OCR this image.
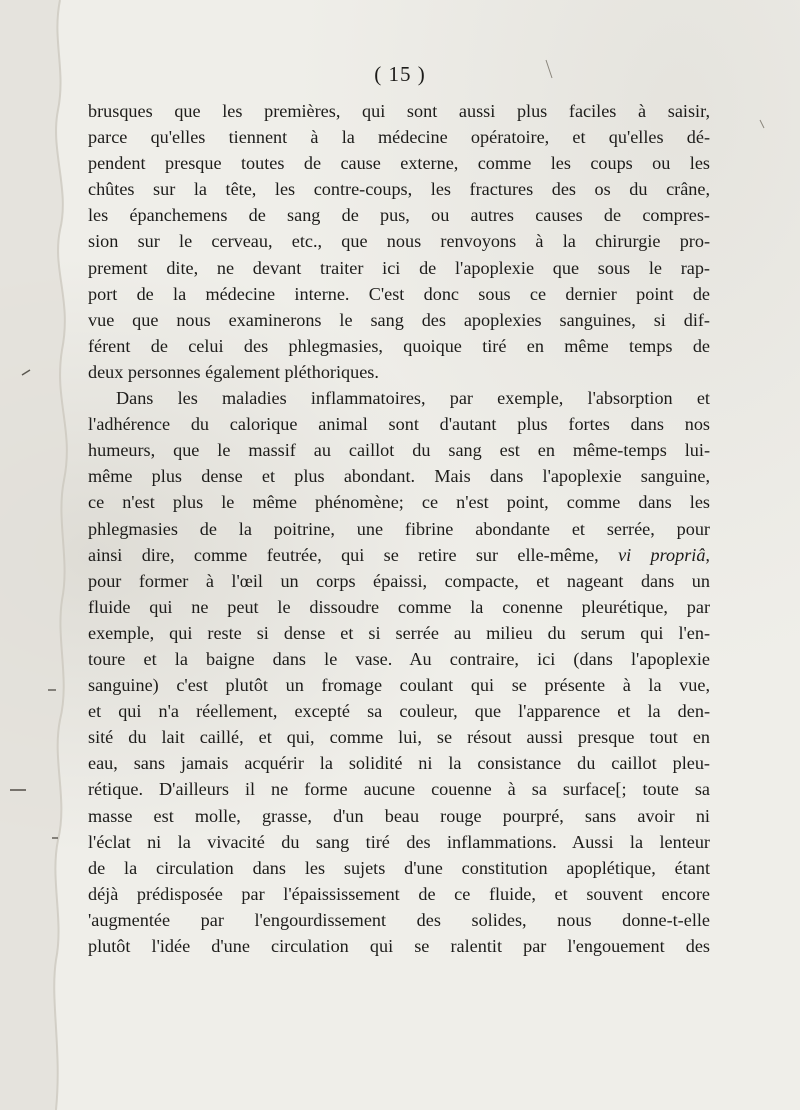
( 15 )
brusques que les premières, qui sont aussi plus faciles à saisir,
parce qu'elles tiennent à la médecine opératoire, et qu'elles dé-
pendent presque toutes de cause externe, comme les coups ou les
chûtes sur la tête, les contre-coups, les fractures des os du crâne,
les épanchemens de sang de pus, ou autres causes de compres-
sion sur le cerveau, etc., que nous renvoyons à la chirurgie pro-
prement dite, ne devant traiter ici de l'apoplexie que sous le rap-
port de la médecine interne. C'est donc sous ce dernier point de
vue que nous examinerons le sang des apoplexies sanguines, si dif-
férent de celui des phlegmasies, quoique tiré en même temps de
deux personnes également pléthoriques.
Dans les maladies inflammatoires, par exemple, l'absorption et
l'adhérence du calorique animal sont d'autant plus fortes dans nos
humeurs, que le massif au caillot du sang est en même-temps lui-
même plus dense et plus abondant. Mais dans l'apoplexie sanguine,
ce n'est plus le même phénomène; ce n'est point, comme dans les
phlegmasies de la poitrine, une fibrine abondante et serrée, pour
ainsi dire, comme feutrée, qui se retire sur elle-même, vi propriâ,
pour former à l'œil un corps épaissi, compacte, et nageant dans un
fluide qui ne peut le dissoudre comme la conenne pleurétique, par
exemple, qui reste si dense et si serrée au milieu du serum qui l'en-
toure et la baigne dans le vase. Au contraire, ici (dans l'apoplexie
sanguine) c'est plutôt un fromage coulant qui se présente à la vue,
et qui n'a réellement, excepté sa couleur, que l'apparence et la den-
sité du lait caillé, et qui, comme lui, se résout aussi presque tout en
eau, sans jamais acquérir la solidité ni la consistance du caillot pleu-
rétique. D'ailleurs il ne forme aucune couenne à sa surface[; toute sa
masse est molle, grasse, d'un beau rouge pourpré, sans avoir ni
l'éclat ni la vivacité du sang tiré des inflammations. Aussi la lenteur
de la circulation dans les sujets d'une constitution apoplétique, étant
déjà prédisposée par l'épaississement de ce fluide, et souvent encore
'augmentée par l'engourdissement des solides, nous donne-t-elle
plutôt l'idée d'une circulation qui se ralentit par l'engouement des
